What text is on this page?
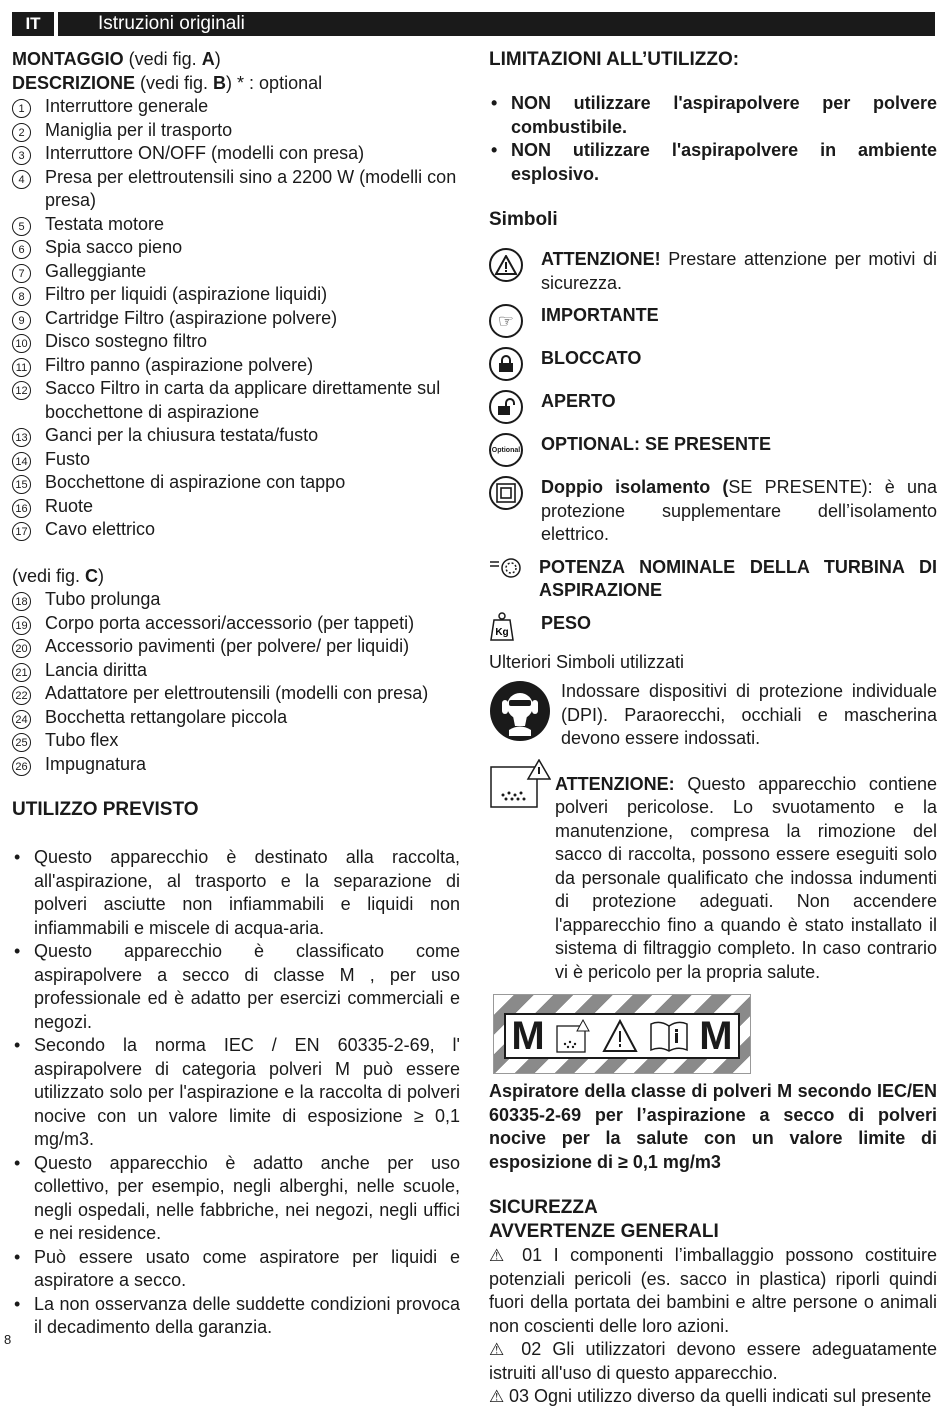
IT	Istruzioni originali
MONTAGGIO (vedi fig. A)
DESCRIZIONE (vedi fig. B) * : optional
1	Interruttore generale
2	Maniglia per il trasporto
3	Interruttore ON/OFF (modelli con presa)
4	Presa per elettroutensili sino a 2200 W (modelli con presa)
5	Testata motore
6	Spia sacco pieno
7	Galleggiante
8	Filtro per liquidi (aspirazione liquidi)
9	Cartridge Filtro (aspirazione polvere)
10 Disco sostegno filtro
11 Filtro panno (aspirazione polvere)
12 Sacco Filtro in carta da applicare direttamente sul bocchettone di aspirazione
13 Ganci per la chiusura testata/fusto
14 Fusto
15 Bocchettone di aspirazione con tappo
16 Ruote
17 Cavo elettrico
(vedi fig. C)
18 Tubo prolunga
19 Corpo porta accessori/accessorio (per tappeti)
20 Accessorio pavimenti (per polvere/ per liquidi)
21 Lancia diritta
22 Adattatore per elettroutensili (modelli con presa)
24 Bocchetta rettangolare piccola
25 Tubo flex
26 Impugnatura
UTILIZZO PREVISTO
• Questo apparecchio è destinato alla raccolta, all'aspirazione, al trasporto e la separazione di polveri asciutte non infiammabili e liquidi non infiammabili e miscele di acqua-aria.
• Questo apparecchio è classificato come aspirapolvere a secco di classe M , per uso professionale ed è adatto per esercizi commerciali e negozi.
• Secondo la norma IEC / EN 60335-2-69, l' aspirapolvere di categoria polveri M può essere utilizzato solo per l'aspirazione e la raccolta di polveri nocive con un valore limite di esposizione ≥ 0,1 mg/m3.
• Questo apparecchio è adatto anche per uso collettivo, per esempio, negli alberghi, nelle scuole, negli ospedali, nelle fabbriche, nei negozi, negli uffici e nei residence.
• Può essere usato come aspiratore per liquidi e aspiratore a secco.
• La non osservanza delle suddette condizioni provoca il decadimento della garanzia.
LIMITAZIONI ALL’UTILIZZO:
• NON utilizzare l'aspirapolvere per polvere combustibile.
• NON utilizzare l'aspirapolvere in ambiente esplosivo.
Simboli
ATTENZIONE! Prestare attenzione per motivi di sicurezza.
☞	IMPORTANTE
BLOCCATO
APERTO
Optional OPTIONAL: SE PRESENTE
Doppio isolamento (SE PRESENTE): è una protezione supplementare dell’isolamento elettrico.
POTENZA NOMINALE DELLA TURBINA DI ASPIRAZIONE
Kg PESO
Ulteriori Simboli utilizzati
Indossare dispositivi di protezione individuale (DPI). Paraorecchi, occhiali e mascherina devono essere indossati.
ATTENZIONE: Questo apparecchio contiene polveri pericolose. Lo svuotamento e la manutenzione, compresa la rimozione del sacco di raccolta, possono essere eseguiti solo da personale qualificato che indossa indumenti di protezione adeguati. Non accendere l'apparecchio fino a quando è stato installato il sistema di filtraggio completo. In caso contrario vi è pericolo per la propria salute.
M	M
Aspiratore della classe di polveri M secondo IEC/EN 60335-2-69 per l’aspirazione a secco di polveri nocive per la salute con un valore limite di esposizione di ≥ 0,1 mg/m3
SICUREZZA
AVVERTENZE GENERALI
⚠ 01 I componenti l’imballaggio possono costituire potenziali pericoli (es. sacco in plastica) riporli quindi fuori della portata dei bambini e altre persone o animali non coscienti delle loro azioni.
⚠ 02 Gli utilizzatori devono essere adeguatamente istruiti all'uso di questo apparecchio.
⚠ 03 Ogni utilizzo diverso da quelli indicati sul presente
8
